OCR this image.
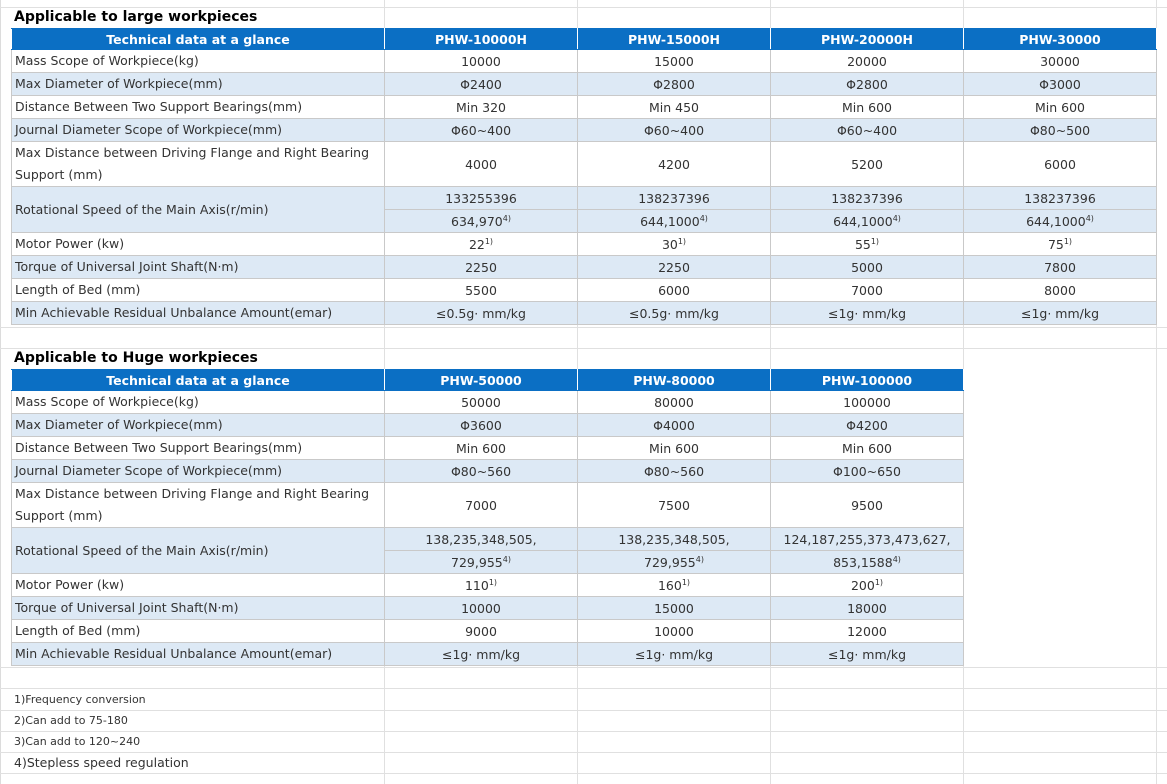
Applicable to large workpieces
Technical data at a glance	PHW-10000H	PHW-15000H	PHW-20000H	PHW-30000
Mass Scope of Workpiece(kg)	10000	15000	20000	30000
Max Diameter of Workpiece(mm)	Φ2400	Φ2800	Φ2800	Φ3000
Distance Between Two Support Bearings(mm)	Min 320	Min 450	Min 600	Min 600
Journal Diameter Scope of Workpiece(mm)	Φ60~400	Φ60~400	Φ60~400	Φ80~500
Max Distance between Driving Flange and Right Bearing Support (mm)	4000	4200	5200	6000
Rotational Speed of the Main Axis(r/min)	133255396	138237396	138237396	138237396
	634,970$^{4)}$	644,1000$^{4)}$	644,1000$^{4)}$	644,1000$^{4)}$
Motor Power (kw)	22$^{1)}$	30$^{1)}$	55$^{1)}$	75$^{1)}$
Torque of Universal Joint Shaft(N·m)	2250	2250	5000	7800
Length of Bed (mm)	5500	6000	7000	8000
Min Achievable Residual Unbalance Amount(emar)	≤0.5g· mm/kg	≤0.5g· mm/kg	≤1g· mm/kg	≤1g· mm/kg
Applicable to Huge workpieces
Technical data at a glance	PHW-50000	PHW-80000	PHW-100000
Mass Scope of Workpiece(kg)	50000	80000	100000
Max Diameter of Workpiece(mm)	Φ3600	Φ4000	Φ4200
Distance Between Two Support Bearings(mm)	Min 600	Min 600	Min 600
Journal Diameter Scope of Workpiece(mm)	Φ80~560	Φ80~560	Φ100~650
Max Distance between Driving Flange and Right Bearing Support (mm)	7000	7500	9500
Rotational Speed of the Main Axis(r/min)	138,235,348,505,	138,235,348,505,	124,187,255,373,473,627,
	729,955$^{4)}$	729,955$^{4)}$	853,1588$^{4)}$
Motor Power (kw)	110$^{1)}$	160$^{1)}$	200$^{1)}$
Torque of Universal Joint Shaft(N·m)	10000	15000	18000
Length of Bed (mm)	9000	10000	12000
Min Achievable Residual Unbalance Amount(emar)	≤1g· mm/kg	≤1g· mm/kg	≤1g· mm/kg
1)Frequency conversion
2)Can add to 75-180
3)Can add to 120~240
4)Stepless speed regulation
